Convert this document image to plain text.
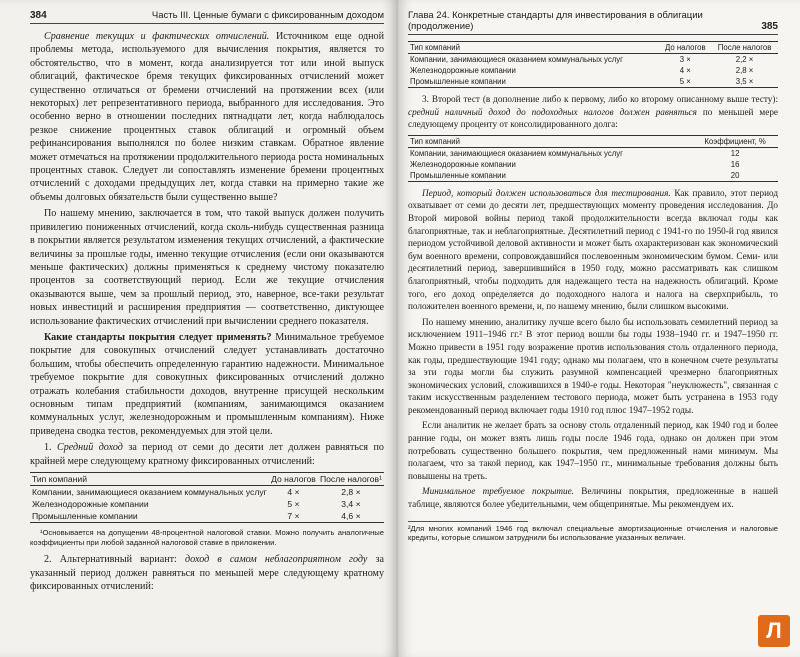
384	Часть III. Ценные бумаги с фиксированным доходом

Сравнение текущих и фактических отчислений. Источником еще одной проблемы метода, используемого для вычисления покрытия, является то обстоятельство, что в момент, когда анализируется тот или иной выпуск облигаций, фактическое бремя текущих фиксированных отчислений может существенно отличаться от бремени отчислений на протяжении всех (или некоторых) лет репрезентативного периода, выбранного для исследования. Это особенно верно в отношении последних пятнадцати лет, когда наблюдалось резкое снижение процентных ставок облигаций и огромный объем рефинансирования выполнялся по более низким ставкам. Обратное явление может отмечаться на протяжении продолжительного периода роста номинальных процентных ставок. Следует ли сопоставлять изменение бремени процентных отчислений с доходами предыдущих лет, когда ставки на примерно такие же объемы долговых обязательств были существенно выше?

По нашему мнению, заключается в том, что такой выпуск должен получить привилегию пониженных отчислений, когда сколь-нибудь существенная разница в покрытии является результатом изменения текущих отчислений, а фактические величины за прошлые годы, именно текущие отчисления (если они оказываются меньше фактических) должны применяться к среднему чистому показателю процентов за соответствующий период. Если же текущие отчисления оказываются выше, чем за прошлый период, это, наверное, все-таки результат новых инвестиций и расширения предприятия — соответственно, диктующее использование фактических отчислений при вычислении среднего показателя.

Какие стандарты покрытия следует применять? Минимальное требуемое покрытие для совокупных отчислений следует устанавливать достаточно большим, чтобы обеспечить определенную гарантию надежности. Минимальное требуемое покрытие для совокупных фиксированных отчислений должно отражать колебания стабильности доходов, внутренне присущей нескольким основным типам предприятий (компаниям, занимающимся оказанием коммунальных услуг, железнодорожным и промышленным компаниям). Ниже приведена сводка тестов, рекомендуемых для этой цели.

1. Средний доход за период от семи до десяти лет должен равняться по крайней мере следующему кратному фиксированных отчислений:

Тип компаний	До налогов	После налогов¹
Компании, занимающиеся оказанием коммунальных услуг	4 ×	2,8 ×
Железнодорожные компании	5 ×	3,4 ×
Промышленные компании	7 ×	4,6 ×
¹Основывается на допущении 48-процентной налоговой ставки. Можно получить аналогичные коэффициенты при любой заданной налоговой ставке в приложении.

2. Альтернативный вариант: доход в самом неблагоприятном году за указанный период должен равняться по меньшей мере следующему кратному фиксированных отчислений:

Глава 24. Конкретные стандарты для инвестирования в облигации (продолжение)	385
Тип компаний	До налогов	После налогов
Компании, занимающиеся оказанием коммунальных услуг	3 ×	2,2 ×
Железнодорожные компании	4 ×	2,8 ×
Промышленные компании	5 ×	3,5 ×

3. Второй тест (в дополнение либо к первому, либо ко второму описанному выше тесту): средний наличный доход до подоходных налогов должен равняться по меньшей мере следующему проценту от консолидированного долга:

Тип компаний	Коэффициент, %
Компании, занимающиеся оказанием коммунальных услуг	12
Железнодорожные компании	16
Промышленные компании	20

Период, который должен использоваться для тестирования. Как правило, этот период охватывает от семи до десяти лет, предшествующих моменту проведения исследования. До Второй мировой войны период такой продолжительности всегда включал годы как благоприятные, так и неблагоприятные. Десятилетний период с 1941-го по 1950-й год явился периодом устойчивой деловой активности и может быть охарактеризован как экономический бум военного времени, сопровождавшийся послевоенным экономическим бумом. Семи- или десятилетний период, завершившийся в 1950 году, можно рассматривать как слишком благоприятный, чтобы подходить для надежащего теста на надежность облигаций. Кроме того, его доход определяется до подоходного налога и налога на сверхприбыль, то положителен военного времени, и, по нашему мнению, были слишком высокими.

По нашему мнению, аналитику лучше всего было бы использовать семилетний период за исключением 1911–1946 гг.² В этот период вошли бы годы 1938–1940 гг. и 1947–1950 гг. Можно привести в 1951 году возражение против использования столь отдаленного периода, как годы, предшествующие 1941 году; однако мы полагаем, что в конечном счете результаты за эти годы могли бы служить разумной компенсацией чрезмерно благоприятных экономических условий, сложившихся в 1940-е годы. Некоторая "неуклюжесть", связанная с таким искусственным разделением тестового периода, может быть устранена в 1953 году рекомендованный период включает годы 1910 год плюс 1947–1952 годы.

Если аналитик не желает брать за основу столь отдаленный период, как 1940 год и более ранние годы, он может взять лишь годы после 1946 года, однако он должен при этом потребовать существенно большего покрытия, чем предложенный нами минимум. Мы полагаем, что за такой период, как 1947–1950 гг., минимальные требования должны быть повышены на треть.

Минимальное требуемое покрытие. Величины покрытия, предложенные в нашей таблице, являются более убедительными, чем общепринятые. Мы рекомендуем их.

²Для многих компаний 1946 год включал специальные амортизационные отчисления и налоговые кредиты, которые слишком затруднили бы использование указанных величин.
Л
